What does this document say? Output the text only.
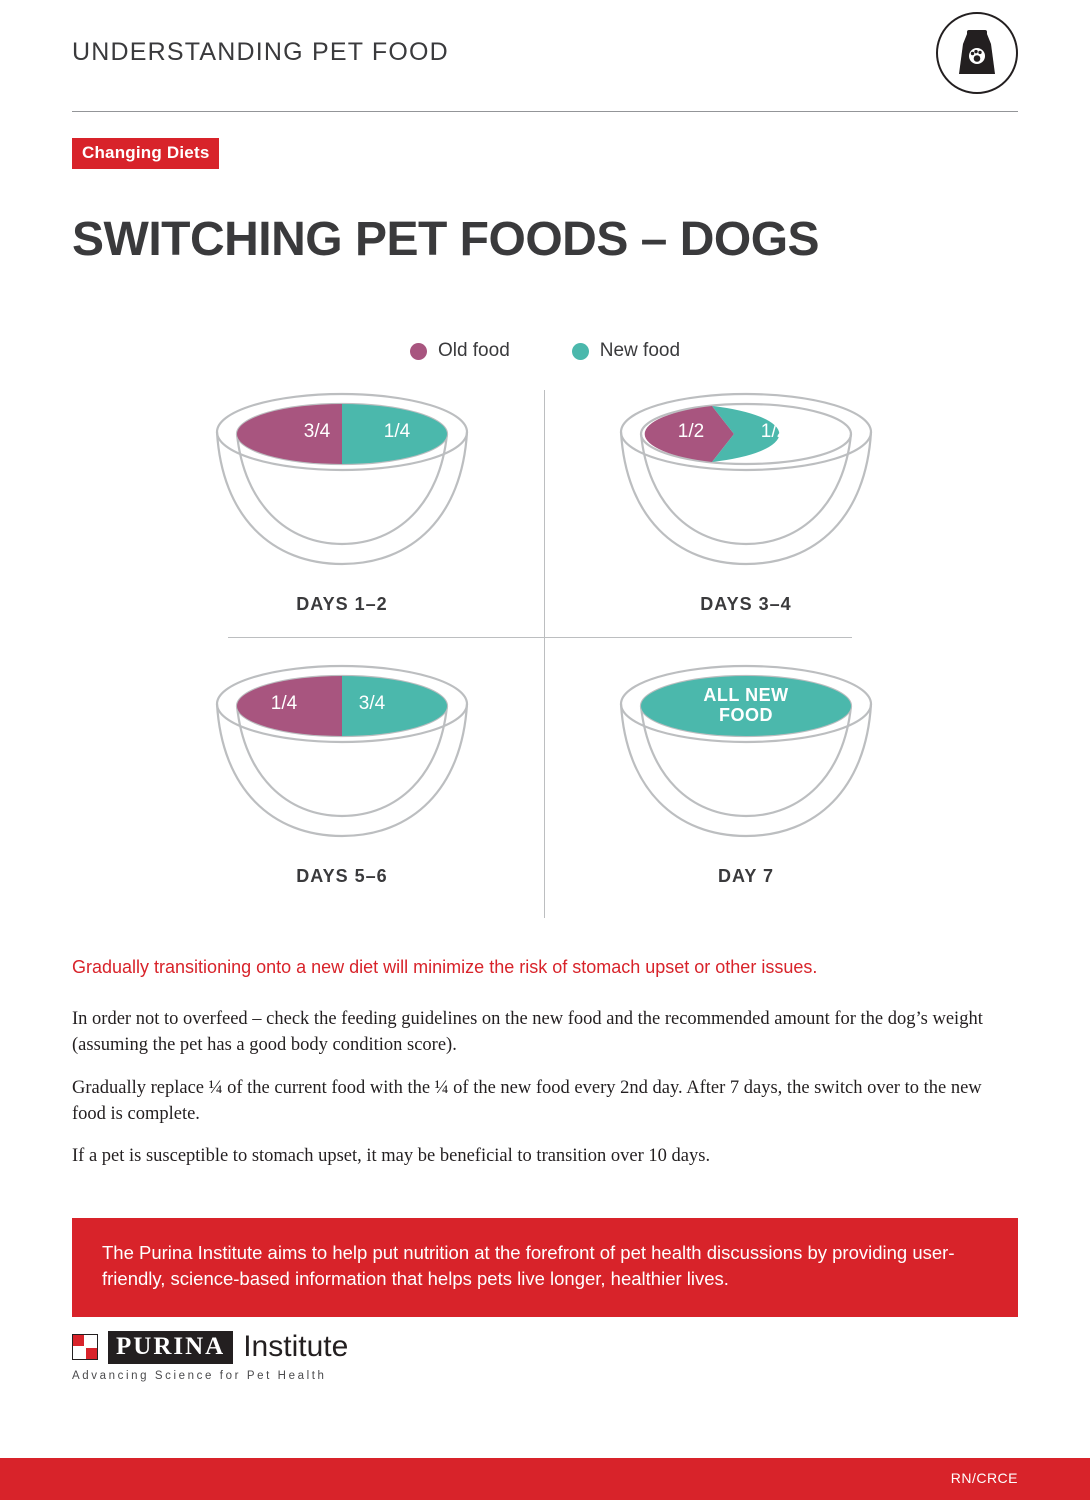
UNDERSTANDING PET FOOD
Changing Diets
SWITCHING PET FOODS – DOGS
Old food	New food
3/4	1/4
DAYS 1–2
1/2	1/2
DAYS 3–4
1/4	3/4
DAYS 5–6
ALL NEW FOOD
DAY 7
Gradually transitioning onto a new diet will minimize the risk of stomach upset or other issues.

In order not to overfeed – check the feeding guidelines on the new food and the recommended amount for the dog’s weight (assuming the pet has a good body condition score).

Gradually replace ¼ of the current food with the ¼ of the new food every 2nd day. After 7 days, the switch over to the new food is complete.

If a pet is susceptible to stomach upset, it may be beneficial to transition over 10 days.

The Purina Institute aims to help put nutrition at the forefront of pet health discussions by providing user-friendly, science-based information that helps pets live longer, healthier lives.
PURINA Institute
Advancing Science for Pet Health
RN/CRCE
